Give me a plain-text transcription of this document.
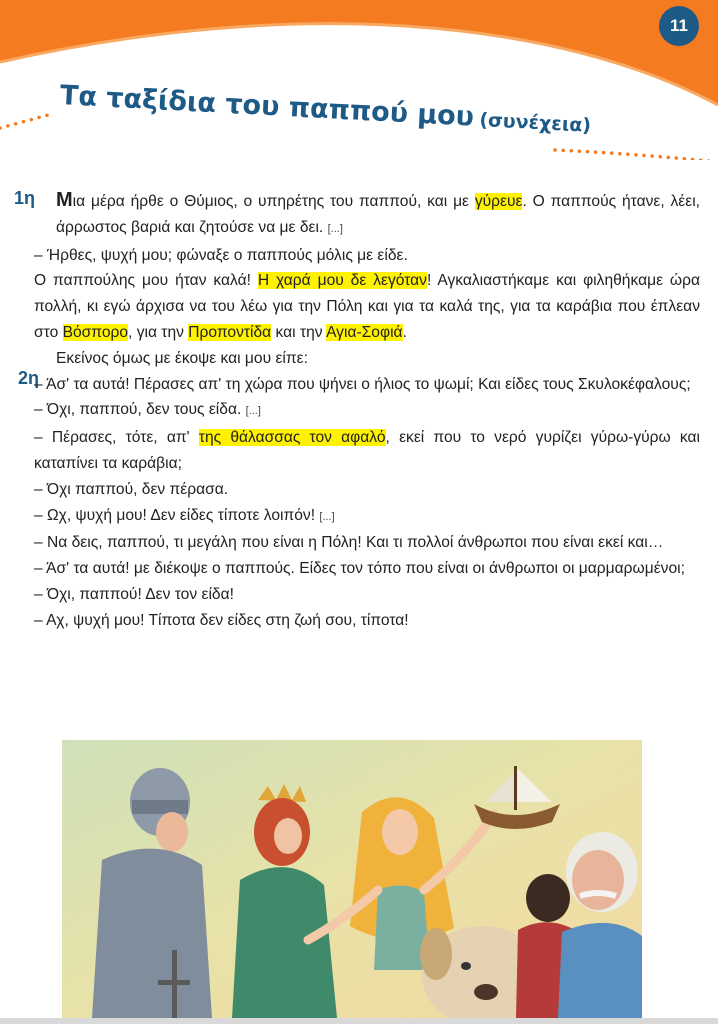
11
Τα ταξίδια του παππού μου (συνέχεια)
1η
2η

Μια μέρα ήρθε ο Θύμιος, ο υπηρέτης του παππού, και με γύρευε. Ο παππούς ήτανε, λέει, άρρωστος βαριά και ζητούσε να με δει. [...]

– Ήρθες, ψυχή μου; φώναξε ο παππούς μόλις με είδε.

Ο παππούλης μου ήταν καλά! Η χαρά μου δε λεγόταν! Αγκαλιαστήκαμε και φιληθήκαμε ώρα πολλή, κι εγώ άρχισα να του λέω για την Πόλη και για τα καλά της, για τα καράβια που έπλεαν στο Βόσπορο, για την Προποντίδα και την Αγια-Σοφιά.

Εκείνος όμως με έκοψε και μου είπε:

– Άσ' τα αυτά! Πέρασες απ' τη χώρα που ψήνει ο ήλιος το ψωμί; Και είδες τους Σκυλοκέφαλους;

– Όχι, παππού, δεν τους είδα. [...]

– Πέρασες, τότε, απ' της θάλασσας τον αφαλό, εκεί που το νερό γυρίζει γύρω-γύρω και καταπίνει τα καράβια;

– Όχι παππού, δεν πέρασα.

– Ωχ, ψυχή μου! Δεν είδες τίποτε λοιπόν! [...]

– Να δεις, παππού, τι μεγάλη που είναι η Πόλη! Και τι πολλοί άνθρωποι που είναι εκεί και…

– Άσ' τα αυτά! με διέκοψε ο παππούς. Είδες τον τόπο που είναι οι άνθρωποι οι μαρμαρωμένοι;

– Όχι, παππού! Δεν τον είδα!

– Αχ, ψυχή μου! Τίποτα δεν είδες στη ζωή σου, τίποτα!
